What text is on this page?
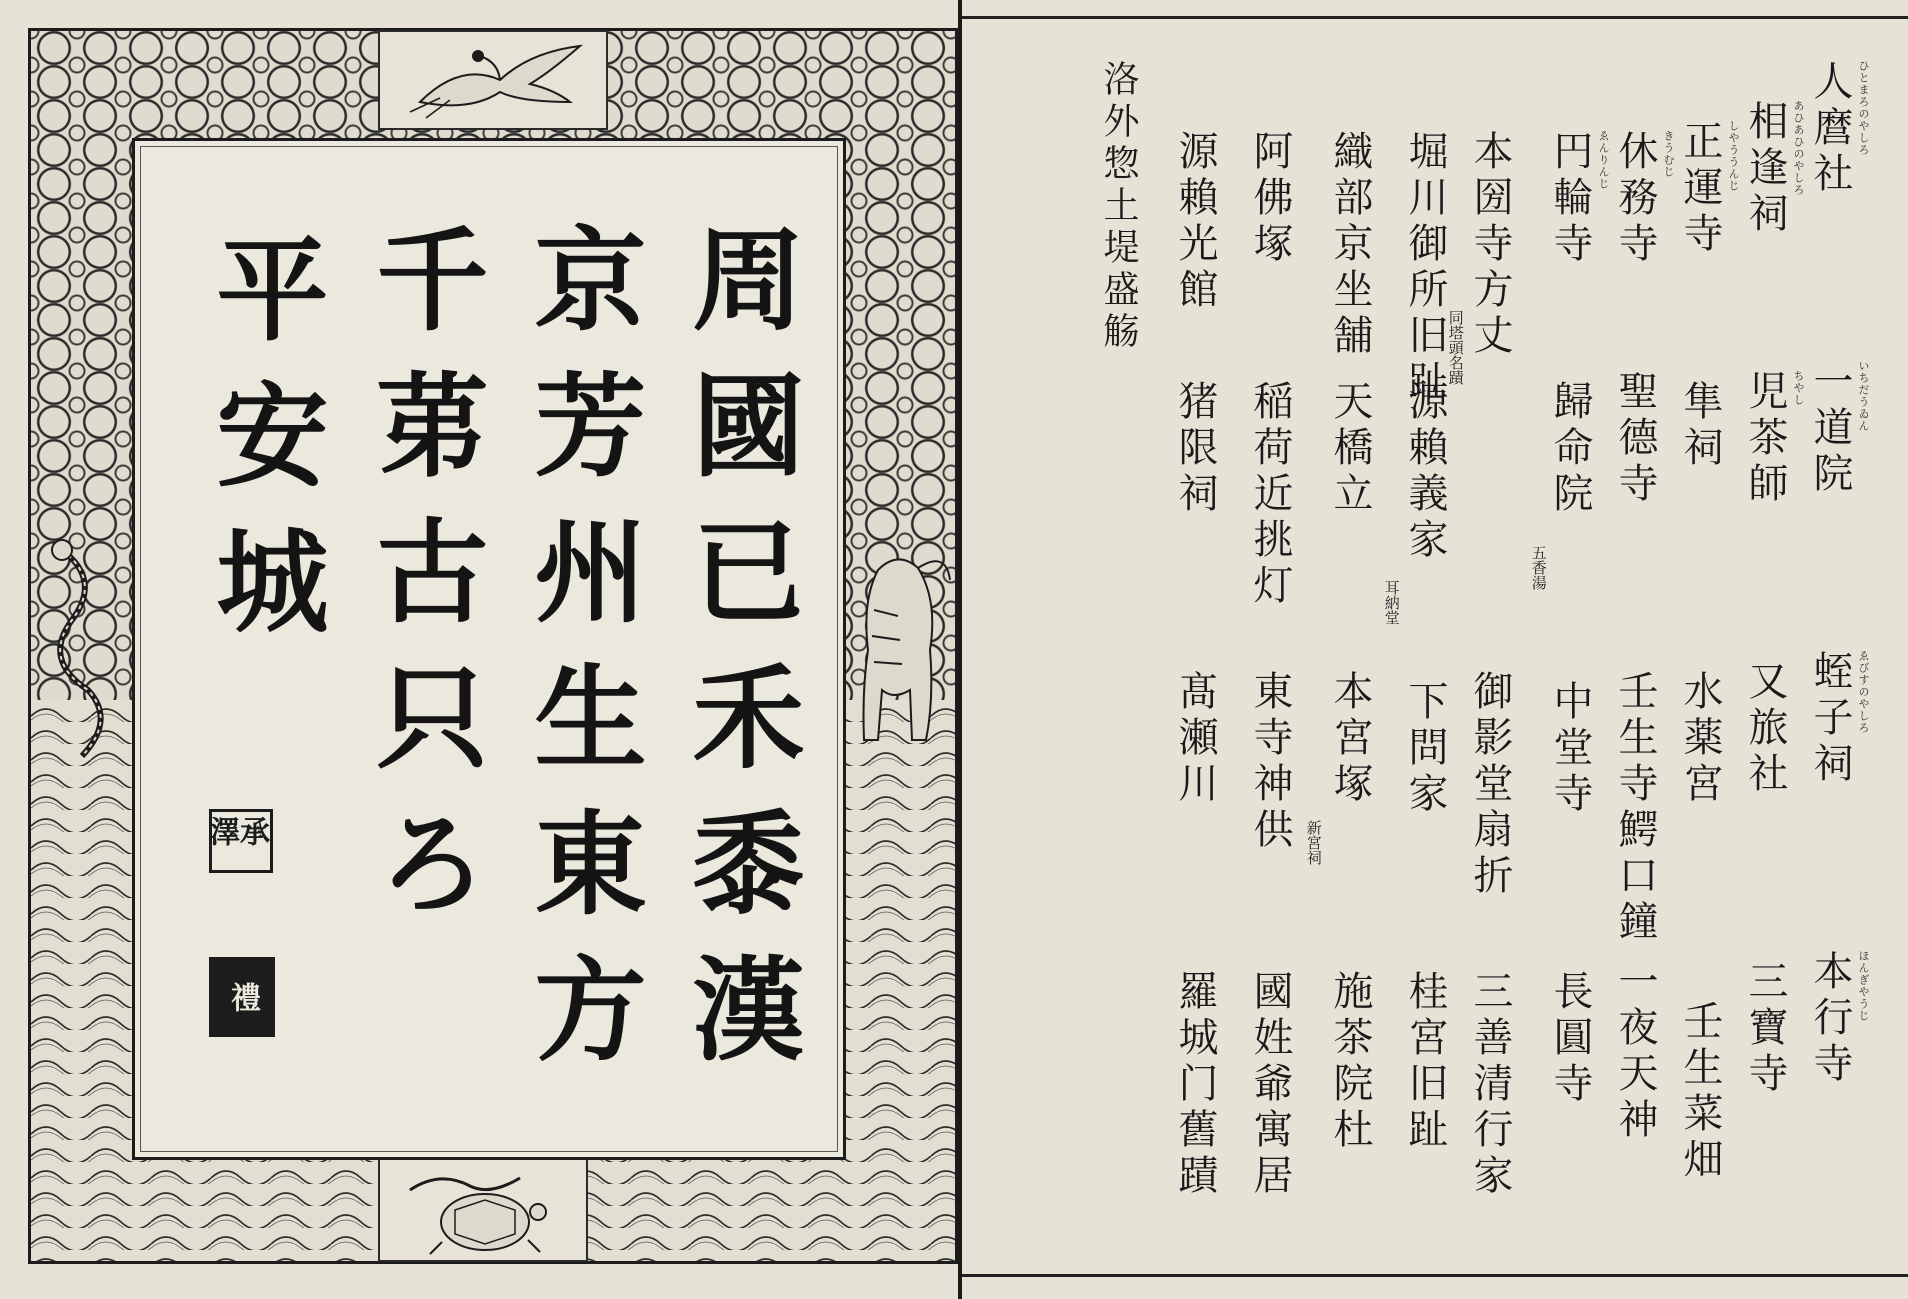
周國已禾黍漢
京芳州生東方
千苐古只ろ
平安城
承澤
禮
人麿社
一道院
蛭子祠
本行寺
相逢祠
児茶師
又旅社
三寶寺
正運寺
隼祠
水薬宮
壬生菜畑
休務寺
聖德寺
壬生寺鰐口鐘
一夜天神
円輪寺
歸命院
五香湯
中堂寺
長圓寺
本圀寺方丈
同塔頭名蹟
御影堂扇折
三善清行家
堀川御所旧趾
源賴義家
耳納堂
下問家
桂宮旧趾
織部京坐舗
天橋立
本宮塚
新宮祠
施茶院杜
阿佛塚
稲荷近挑灯
東寺神供
國姓爺寓居
源賴光館
猪限祠
髙瀬川
羅城门舊蹟
洛外惣土堤盛觞	ひとまろのやしろ
あひあひのやしろ
しやううんじ
きうむじ
ゑんりんじ
いちだうゐん
ちやし
ゑびすのやしろ
ほんぎやうじ
